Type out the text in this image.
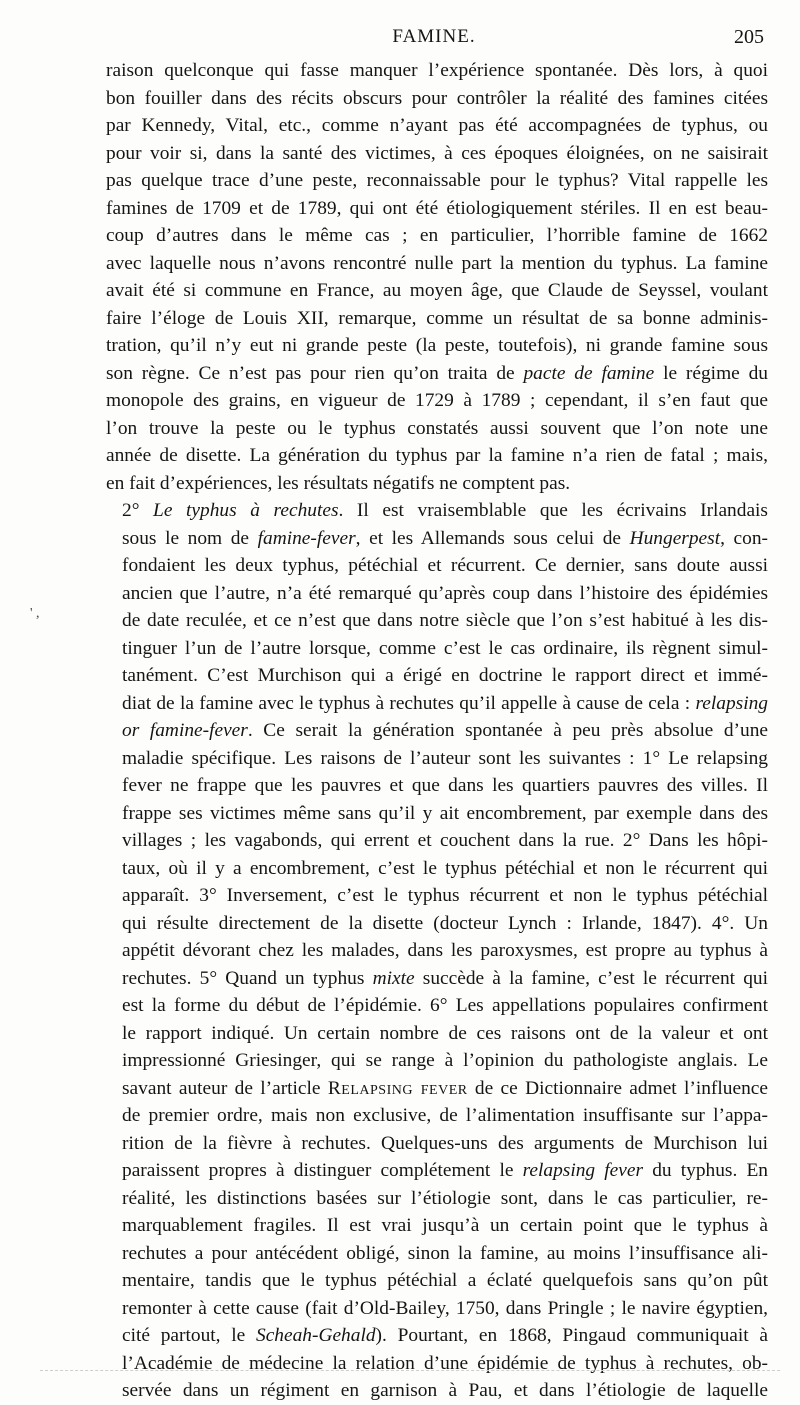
FAMINE.	205
' ,

raison quelconque qui fasse manquer l’expérience spontanée. Dès lors, à quoi
bon fouiller dans des récits obscurs pour contrôler la réalité des famines citées
par Kennedy, Vital, etc., comme n’ayant pas été accompagnées de typhus, ou
pour voir si, dans la santé des victimes, à ces époques éloignées, on ne saisirait
pas quelque trace d’une peste, reconnaissable pour le typhus? Vital rappelle les
famines de 1709 et de 1789, qui ont été étiologiquement stériles. Il en est beau-
coup d’autres dans le même cas ; en particulier, l’horrible famine de 1662
avec laquelle nous n’avons rencontré nulle part la mention du typhus. La famine
avait été si commune en France, au moyen âge, que Claude de Seyssel, voulant
faire l’éloge de Louis XII, remarque, comme un résultat de sa bonne adminis-
tration, qu’il n’y eut ni grande peste (la peste, toutefois), ni grande famine sous
son règne. Ce n’est pas pour rien qu’on traita de pacte de famine le régime du
monopole des grains, en vigueur de 1729 à 1789 ; cependant, il s’en faut que
l’on trouve la peste ou le typhus constatés aussi souvent que l’on note une
année de disette. La génération du typhus par la famine n’a rien de fatal ; mais,
en fait d’expériences, les résultats négatifs ne comptent pas.

2° Le typhus à rechutes. Il est vraisemblable que les écrivains Irlandais
sous le nom de famine-fever, et les Allemands sous celui de Hungerpest, con-
fondaient les deux typhus, pétéchial et récurrent. Ce dernier, sans doute aussi
ancien que l’autre, n’a été remarqué qu’après coup dans l’histoire des épidémies
de date reculée, et ce n’est que dans notre siècle que l’on s’est habitué à les dis-
tinguer l’un de l’autre lorsque, comme c’est le cas ordinaire, ils règnent simul-
tanément. C’est Murchison qui a érigé en doctrine le rapport direct et immé-
diat de la famine avec le typhus à rechutes qu’il appelle à cause de cela : relapsing
or famine-fever. Ce serait la génération spontanée à peu près absolue d’une
maladie spécifique. Les raisons de l’auteur sont les suivantes : 1° Le relapsing
fever ne frappe que les pauvres et que dans les quartiers pauvres des villes. Il
frappe ses victimes même sans qu’il y ait encombrement, par exemple dans des
villages ; les vagabonds, qui errent et couchent dans la rue. 2° Dans les hôpi-
taux, où il y a encombrement, c’est le typhus pétéchial et non le récurrent qui
apparaît. 3° Inversement, c’est le typhus récurrent et non le typhus pétéchial
qui résulte directement de la disette (docteur Lynch : Irlande, 1847). 4°. Un
appétit dévorant chez les malades, dans les paroxysmes, est propre au typhus à
rechutes. 5° Quand un typhus mixte succède à la famine, c’est le récurrent qui
est la forme du début de l’épidémie. 6° Les appellations populaires confirment
le rapport indiqué. Un certain nombre de ces raisons ont de la valeur et ont
impressionné Griesinger, qui se range à l’opinion du pathologiste anglais. Le
savant auteur de l’article Relapsing fever de ce Dictionnaire admet l’influence
de premier ordre, mais non exclusive, de l’alimentation insuffisante sur l’appa-
rition de la fièvre à rechutes. Quelques-uns des arguments de Murchison lui
paraissent propres à distinguer complétement le relapsing fever du typhus. En
réalité, les distinctions basées sur l’étiologie sont, dans le cas particulier, re-
marquablement fragiles. Il est vrai jusqu’à un certain point que le typhus à
rechutes a pour antécédent obligé, sinon la famine, au moins l’insuffisance ali-
mentaire, tandis que le typhus pétéchial a éclaté quelquefois sans qu’on pût
remonter à cette cause (fait d’Old-Bailey, 1750, dans Pringle ; le navire égyptien,
cité partout, le Scheah-Gehald). Pourtant, en 1868, Pingaud communiquait à
l’Académie de médecine la relation d’une épidémie de typhus à rechutes, ob-
servée dans un régiment en garnison à Pau, et dans l’étiologie de laquelle
